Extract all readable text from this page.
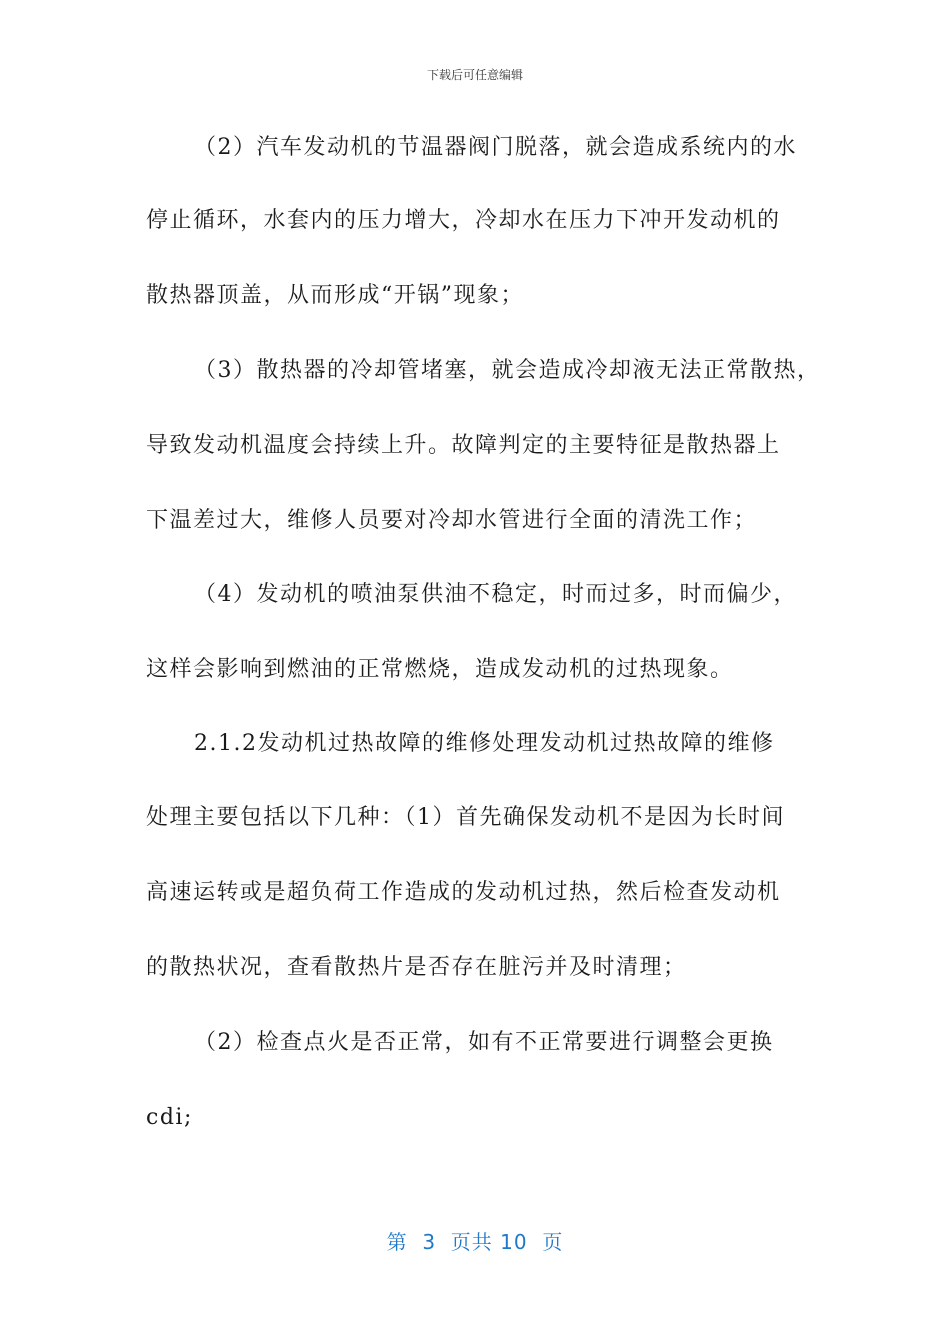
下载后可任意编辑
（2）汽车发动机的节温器阀门脱落，就会造成系统内的水
停止循环，水套内的压力增大，冷却水在压力下冲开发动机的
散热器顶盖，从而形成“开锅”现象；
（3）散热器的冷却管堵塞，就会造成冷却液无法正常散热，
导致发动机温度会持续上升。故障判定的主要特征是散热器上
下温差过大，维修人员要对冷却水管进行全面的清洗工作；
（4）发动机的喷油泵供油不稳定，时而过多，时而偏少，
这样会影响到燃油的正常燃烧，造成发动机的过热现象。
2.1.2发动机过热故障的维修处理发动机过热故障的维修
处理主要包括以下几种：（1）首先确保发动机不是因为长时间
高速运转或是超负荷工作造成的发动机过热，然后检查发动机
的散热状况，查看散热片是否存在脏污并及时清理；
（2）检查点火是否正常，如有不正常要进行调整会更换
cdi;
第  3  页共 10  页
